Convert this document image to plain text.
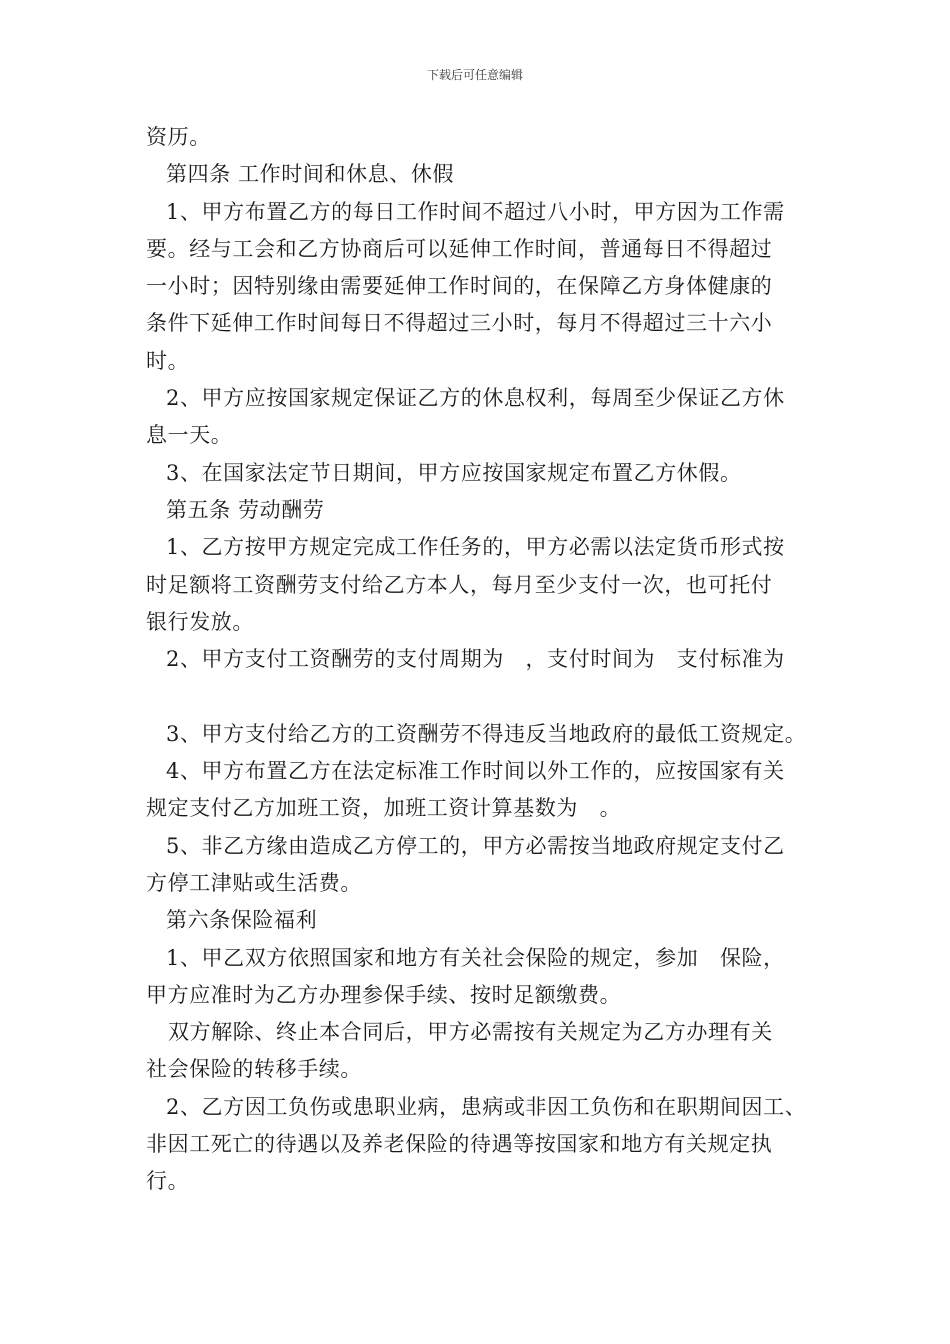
下载后可任意编辑
资历。
第四条 工作时间和休息、休假
1、甲方布置乙方的每日工作时间不超过八小时，甲方因为工作需
要。经与工会和乙方协商后可以延伸工作时间，普通每日不得超过
一小时；因特别缘由需要延伸工作时间的，在保障乙方身体健康的
条件下延伸工作时间每日不得超过三小时，每月不得超过三十六小
时。
2、甲方应按国家规定保证乙方的休息权利，每周至少保证乙方休
息一天。
3、在国家法定节日期间，甲方应按国家规定布置乙方休假。
第五条 劳动酬劳
1、乙方按甲方规定完成工作任务的，甲方必需以法定货币形式按
时足额将工资酬劳支付给乙方本人，每月至少支付一次，也可托付
银行发放。
2、甲方支付工资酬劳的支付周期为　，支付时间为　支付标准为
3、甲方支付给乙方的工资酬劳不得违反当地政府的最低工资规定。
4、甲方布置乙方在法定标准工作时间以外工作的，应按国家有关
规定支付乙方加班工资，加班工资计算基数为　。
5、非乙方缘由造成乙方停工的，甲方必需按当地政府规定支付乙
方停工津贴或生活费。
第六条保险福利
1、甲乙双方依照国家和地方有关社会保险的规定，参加　保险，
甲方应准时为乙方办理参保手续、按时足额缴费。
双方解除、终止本合同后，甲方必需按有关规定为乙方办理有关
社会保险的转移手续。
2、乙方因工负伤或患职业病，患病或非因工负伤和在职期间因工、
非因工死亡的待遇以及养老保险的待遇等按国家和地方有关规定执
行。
